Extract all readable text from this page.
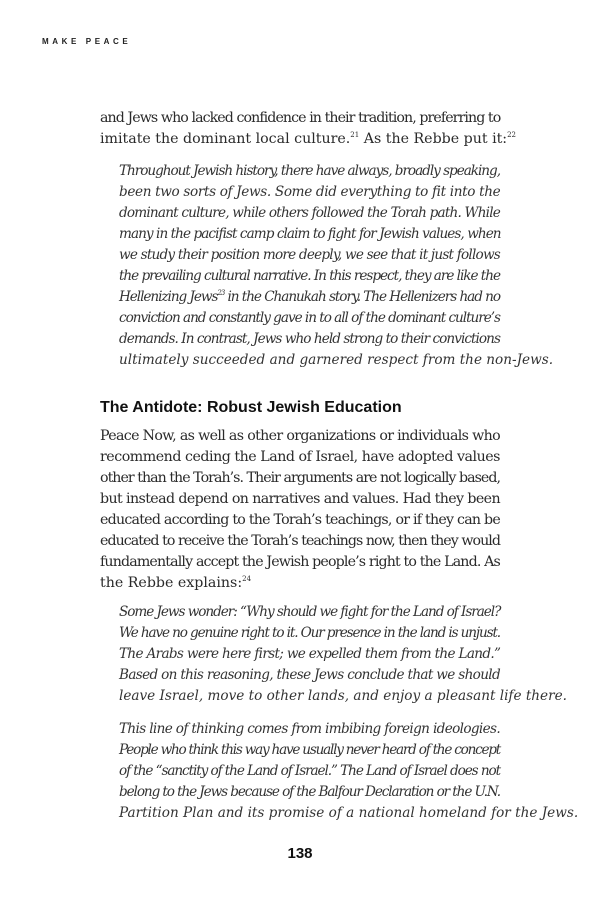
MAKE PEACE
and Jews who lacked confidence in their tradition, preferring to
imitate the dominant local culture.$^{21}$ As the Rebbe put it:$^{22}$
Throughout Jewish history, there have always, broadly speaking,
been two sorts of Jews. Some did everything to fit into the
dominant culture, while others followed the Torah path. While
many in the pacifist camp claim to fight for Jewish values, when
we study their position more deeply, we see that it just follows
the prevailing cultural narrative. In this respect, they are like the
Hellenizing Jews$^{23}$ in the Chanukah story. The Hellenizers had no
conviction and constantly gave in to all of the dominant culture’s
demands. In contrast, Jews who held strong to their convictions
ultimately succeeded and garnered respect from the non-Jews.
The Antidote: Robust Jewish Education
Peace Now, as well as other organizations or individuals who
recommend ceding the Land of Israel, have adopted values
other than the Torah’s. Their arguments are not logically based,
but instead depend on narratives and values. Had they been
educated according to the Torah’s teachings, or if they can be
educated to receive the Torah’s teachings now, then they would
fundamentally accept the Jewish people’s right to the Land. As
the Rebbe explains:$^{24}$
Some Jews wonder: “Why should we fight for the Land of Israel?
We have no genuine right to it. Our presence in the land is unjust.
The Arabs were here first; we expelled them from the Land.”
Based on this reasoning, these Jews conclude that we should
leave Israel, move to other lands, and enjoy a pleasant life there.
This line of thinking comes from imbibing foreign ideologies.
People who think this way have usually never heard of the concept
of the “sanctity of the Land of Israel.” The Land of Israel does not
belong to the Jews because of the Balfour Declaration or the U.N.
Partition Plan and its promise of a national homeland for the Jews.
138
